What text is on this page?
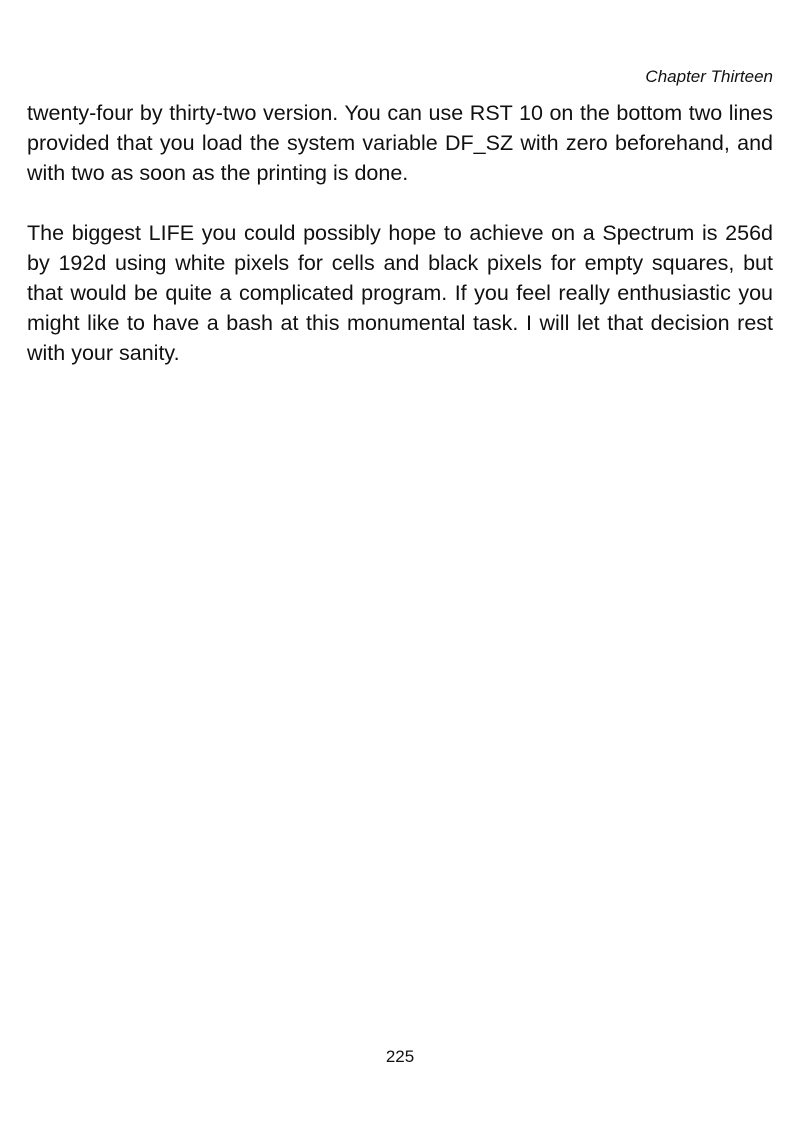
Chapter Thirteen

twenty-four by thirty-two version. You can use RST 10 on the bottom two lines provided that you load the system variable DF_SZ with zero beforehand, and with two as soon as the printing is done.

The biggest LIFE you could possibly hope to achieve on a Spectrum is 256d by 192d using white pixels for cells and black pixels for empty squares, but that would be quite a complicated program. If you feel really enthusiastic you might like to have a bash at this monumental task. I will let that decision rest with your sanity.

225
